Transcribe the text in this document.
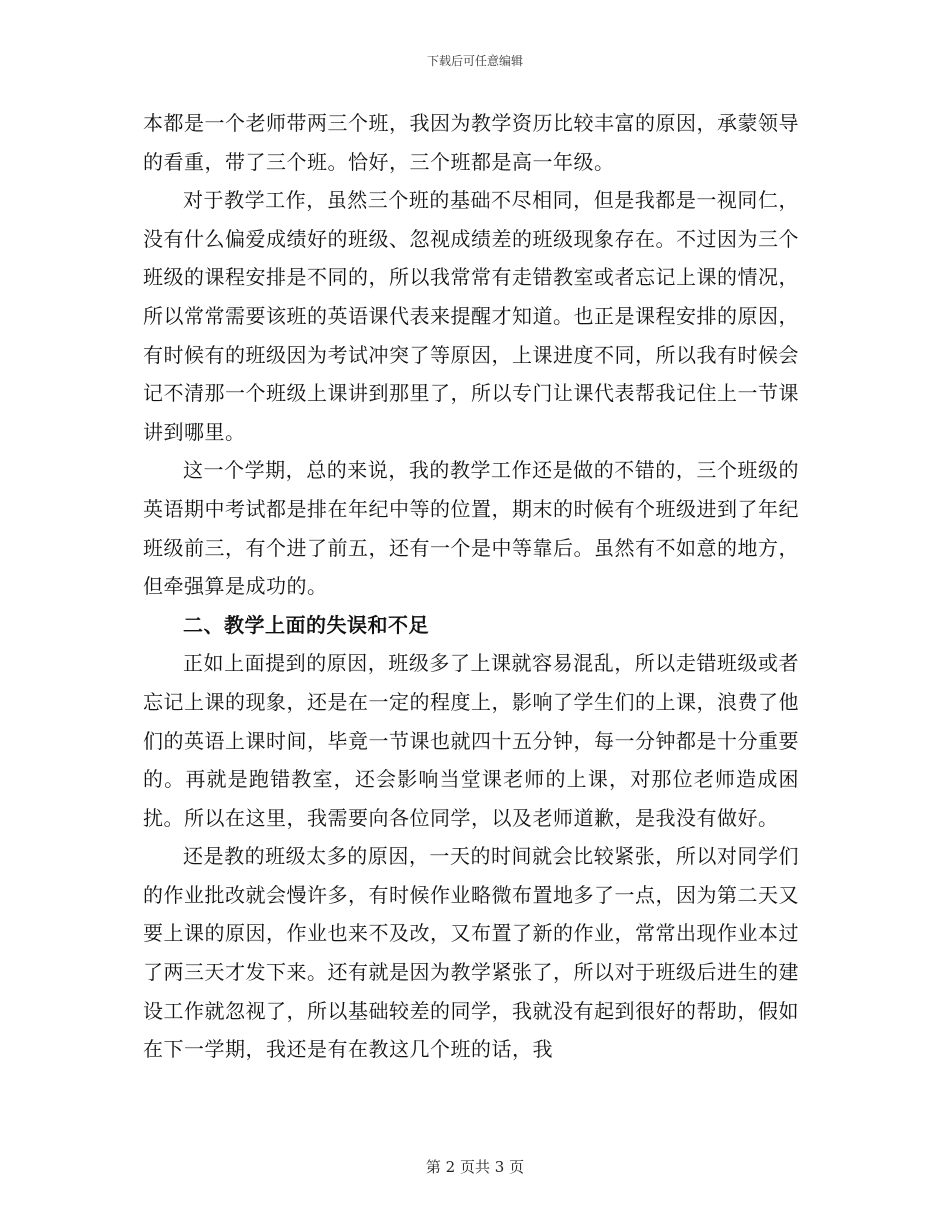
下载后可任意编辑

本都是一个老师带两三个班，我因为教学资历比较丰富的原因，承蒙领导的看重，带了三个班。恰好，三个班都是高一年级。

对于教学工作，虽然三个班的基础不尽相同，但是我都是一视同仁，没有什么偏爱成绩好的班级、忽视成绩差的班级现象存在。不过因为三个班级的课程安排是不同的，所以我常常有走错教室或者忘记上课的情况，所以常常需要该班的英语课代表来提醒才知道。也正是课程安排的原因，有时候有的班级因为考试冲突了等原因，上课进度不同，所以我有时候会记不清那一个班级上课讲到那里了，所以专门让课代表帮我记住上一节课讲到哪里。

这一个学期，总的来说，我的教学工作还是做的不错的，三个班级的英语期中考试都是排在年纪中等的位置，期末的时候有个班级进到了年纪班级前三，有个进了前五，还有一个是中等靠后。虽然有不如意的地方，但牵强算是成功的。

二、教学上面的失误和不足

正如上面提到的原因，班级多了上课就容易混乱，所以走错班级或者忘记上课的现象，还是在一定的程度上，影响了学生们的上课，浪费了他们的英语上课时间，毕竟一节课也就四十五分钟，每一分钟都是十分重要的。再就是跑错教室，还会影响当堂课老师的上课，对那位老师造成困扰。所以在这里，我需要向各位同学，以及老师道歉，是我没有做好。

还是教的班级太多的原因，一天的时间就会比较紧张，所以对同学们的作业批改就会慢许多，有时候作业略微布置地多了一点，因为第二天又要上课的原因，作业也来不及改，又布置了新的作业，常常出现作业本过了两三天才发下来。还有就是因为教学紧张了，所以对于班级后进生的建设工作就忽视了，所以基础较差的同学，我就没有起到很好的帮助，假如在下一学期，我还是有在教这几个班的话，我

第 2 页共 3 页
